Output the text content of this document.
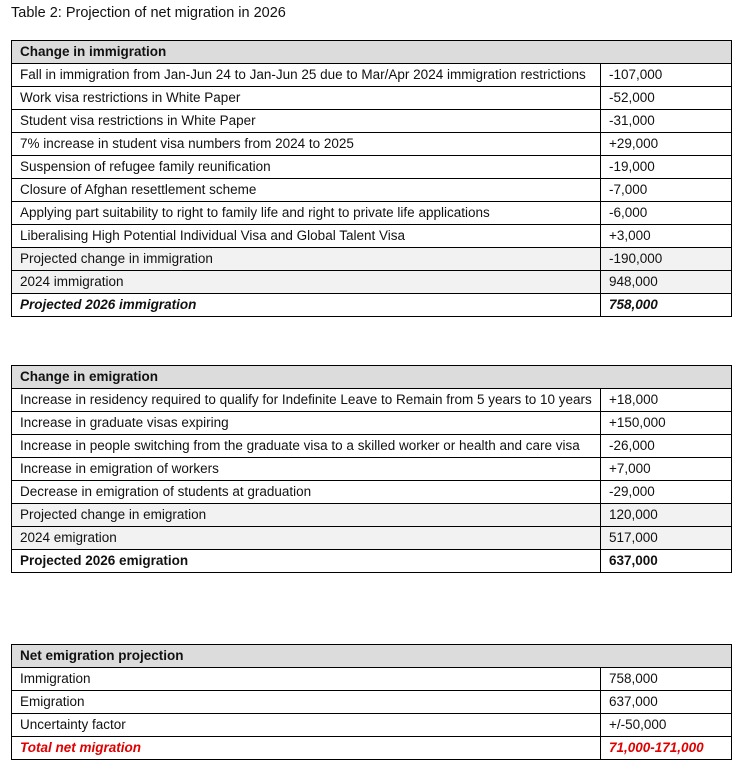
Table 2: Projection of net migration in 2026
Change in immigration	
Fall in immigration from Jan-Jun 24 to Jan-Jun 25 due to Mar/Apr 2024 immigration restrictions	-107,000
Work visa restrictions in White Paper	-52,000
Student visa restrictions in White Paper	-31,000
7% increase in student visa numbers from 2024 to 2025	+29,000
Suspension of refugee family reunification	-19,000
Closure of Afghan resettlement scheme	-7,000
Applying part suitability to right to family life and right to private life applications	-6,000
Liberalising High Potential Individual Visa and Global Talent Visa	+3,000
Projected change in immigration	-190,000
2024 immigration	948,000
Projected 2026 immigration	758,000
Change in emigration	
Increase in residency required to qualify for Indefinite Leave to Remain from 5 years to 10 years	+18,000
Increase in graduate visas expiring	+150,000
Increase in people switching from the graduate visa to a skilled worker or health and care visa	-26,000
Increase in emigration of workers	+7,000
Decrease in emigration of students at graduation	-29,000
Projected change in emigration	120,000
2024 emigration	517,000
Projected 2026 emigration	637,000
Net emigration projection	
Immigration	758,000
Emigration	637,000
Uncertainty factor	+/-50,000
Total net migration	71,000-171,000
